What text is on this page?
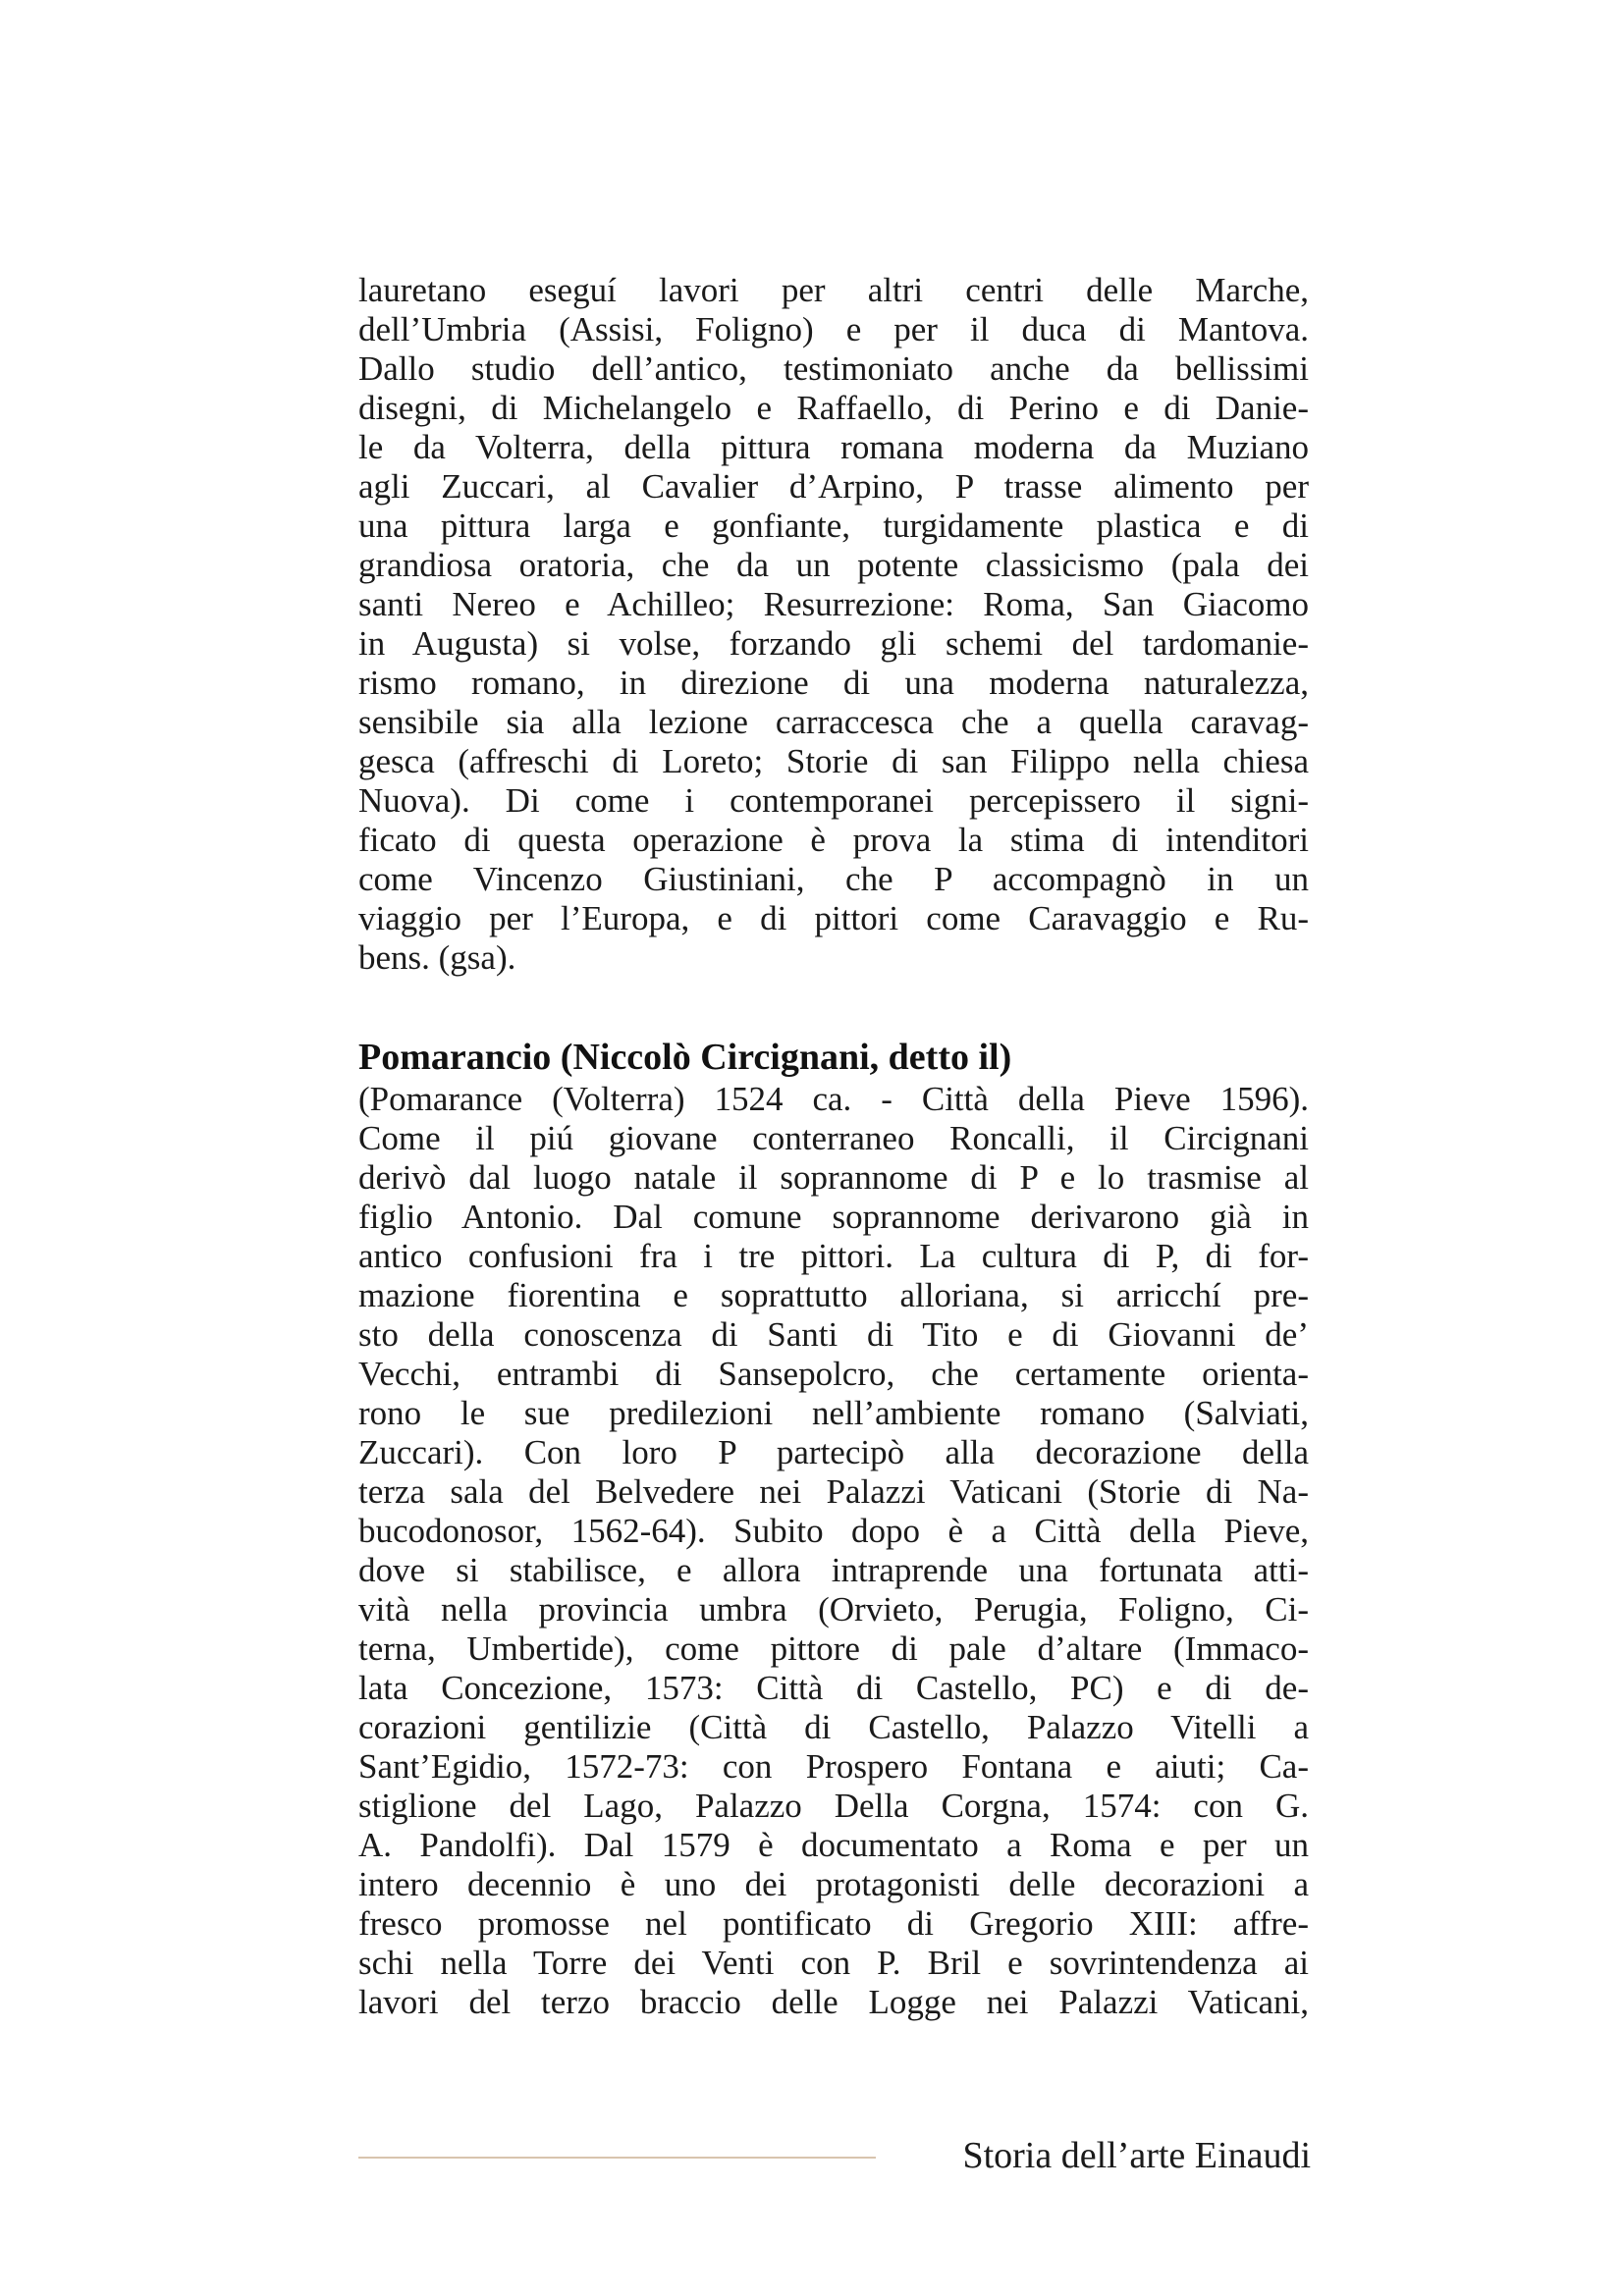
lauretano eseguí lavori per altri centri delle Marche,
dell’Umbria (Assisi, Foligno) e per il duca di Mantova.
Dallo studio dell’antico, testimoniato anche da bellissimi
disegni, di Michelangelo e Raffaello, di Perino e di Danie-
le da Volterra, della pittura romana moderna da Muziano
agli Zuccari, al Cavalier d’Arpino, P trasse alimento per
una pittura larga e gonfiante, turgidamente plastica e di
grandiosa oratoria, che da un potente classicismo (pala dei
santi Nereo e Achilleo; Resurrezione: Roma, San Giacomo
in Augusta) si volse, forzando gli schemi del tardomanie-
rismo romano, in direzione di una moderna naturalezza,
sensibile sia alla lezione carraccesca che a quella caravag-
gesca (affreschi di Loreto; Storie di san Filippo nella chiesa
Nuova). Di come i contemporanei percepissero il signi-
ficato di questa operazione è prova la stima di intenditori
come Vincenzo Giustiniani, che P accompagnò in un
viaggio per l’Europa, e di pittori come Caravaggio e Ru-
bens. (gsa).
Pomarancio (Niccolò Circignani, detto il)
(Pomarance (Volterra) 1524 ca. - Città della Pieve 1596).
Come il piú giovane conterraneo Roncalli, il Circignani
derivò dal luogo natale il soprannome di P e lo trasmise al
figlio Antonio. Dal comune soprannome derivarono già in
antico confusioni fra i tre pittori. La cultura di P, di for-
mazione fiorentina e soprattutto alloriana, si arricchí pre-
sto della conoscenza di Santi di Tito e di Giovanni de’
Vecchi, entrambi di Sansepolcro, che certamente orienta-
rono le sue predilezioni nell’ambiente romano (Salviati,
Zuccari). Con loro P partecipò alla decorazione della
terza sala del Belvedere nei Palazzi Vaticani (Storie di Na-
bucodonosor, 1562-64). Subito dopo è a Città della Pieve,
dove si stabilisce, e allora intraprende una fortunata atti-
vità nella provincia umbra (Orvieto, Perugia, Foligno, Ci-
terna, Umbertide), come pittore di pale d’altare (Immaco-
lata Concezione, 1573: Città di Castello, PC) e di de-
corazioni gentilizie (Città di Castello, Palazzo Vitelli a
Sant’Egidio, 1572-73: con Prospero Fontana e aiuti; Ca-
stiglione del Lago, Palazzo Della Corgna, 1574: con G.
A. Pandolfi). Dal 1579 è documentato a Roma e per un
intero decennio è uno dei protagonisti delle decorazioni a
fresco promosse nel pontificato di Gregorio XIII: affre-
schi nella Torre dei Venti con P. Bril e sovrintendenza ai
lavori del terzo braccio delle Logge nei Palazzi Vaticani,
Storia dell’arte Einaudi
